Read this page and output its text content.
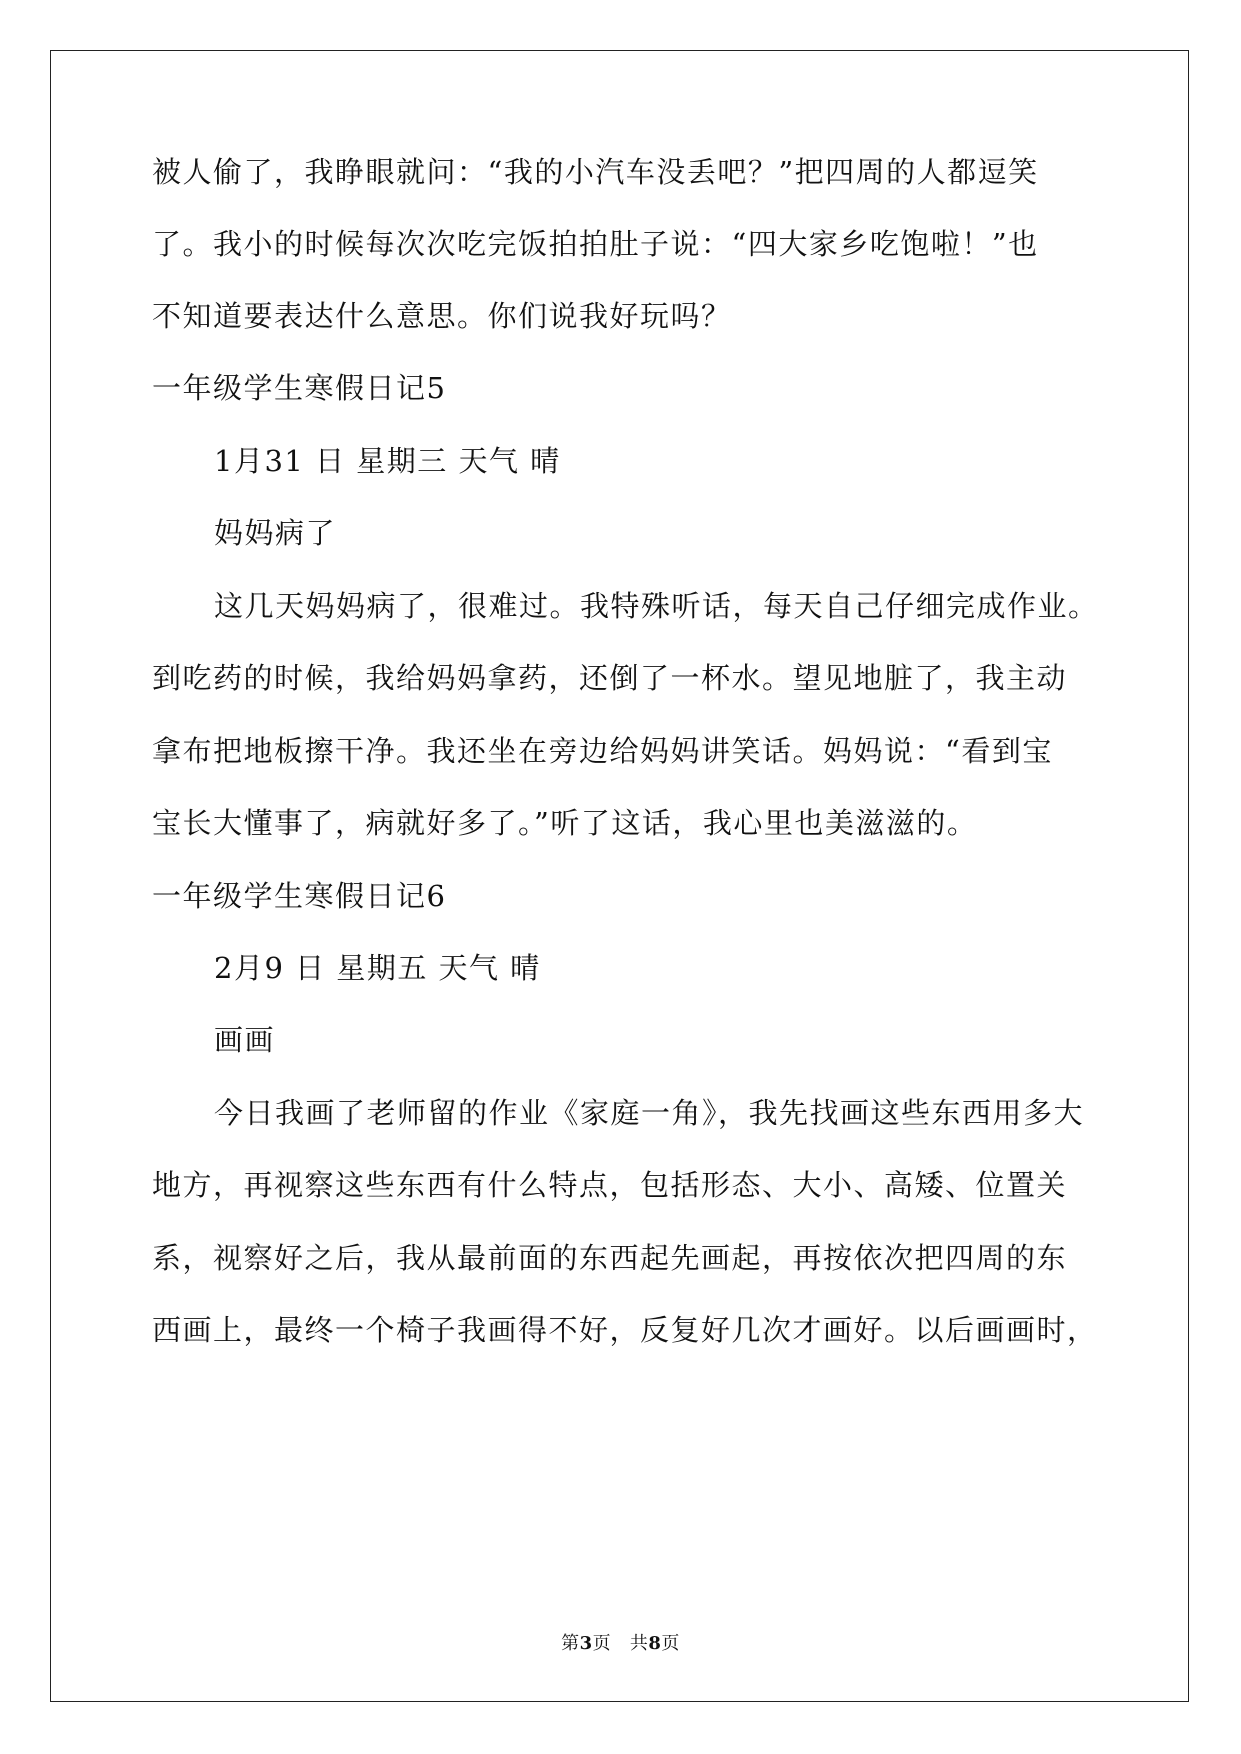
被人偷了，我睁眼就问：“我的小汽车没丢吧？”把四周的人都逗笑
了。我小的时候每次次吃完饭拍拍肚子说：“四大家乡吃饱啦！”也
不知道要表达什么意思。你们说我好玩吗？
一年级学生寒假日记5
1月31 日 星期三 天气 晴
妈妈病了
这几天妈妈病了，很难过。我特殊听话，每天自己仔细完成作业。
到吃药的时候，我给妈妈拿药，还倒了一杯水。望见地脏了，我主动
拿布把地板擦干净。我还坐在旁边给妈妈讲笑话。妈妈说：“看到宝
宝长大懂事了，病就好多了。”听了这话，我心里也美滋滋的。
一年级学生寒假日记6
2月9 日 星期五 天气 晴
画画
今日我画了老师留的作业《家庭一角》，我先找画这些东西用多大
地方，再视察这些东西有什么特点，包括形态、大小、高矮、位置关
系，视察好之后，我从最前面的东西起先画起，再按依次把四周的东
西画上，最终一个椅子我画得不好，反复好几次才画好。以后画画时，
第3页 共8页
